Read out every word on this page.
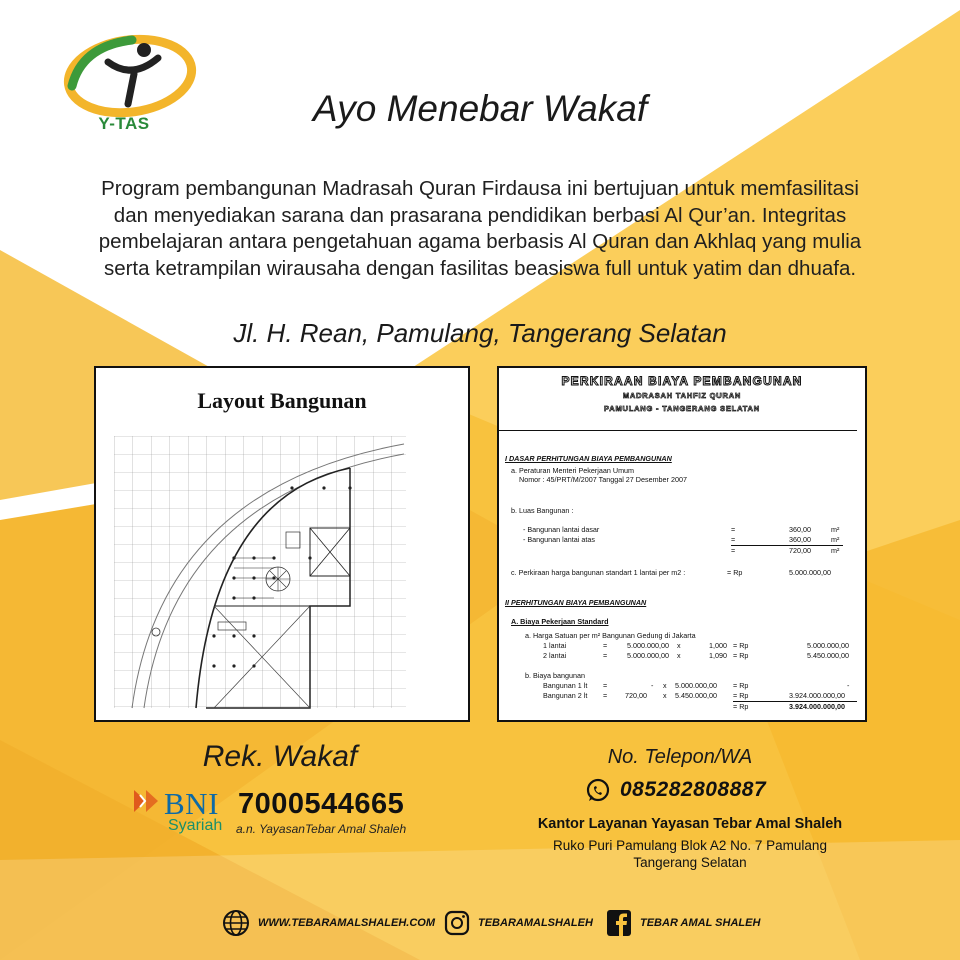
Y-TAS	Ayo Menebar Wakaf

Program pembangunan Madrasah Quran Firdausa ini bertujuan untuk memfasilitasi dan menyediakan sarana dan prasarana pendidikan berbasi Al Qur’an. Integritas pembelajaran antara pengetahuan agama berbasis Al Quran dan Akhlaq yang mulia serta ketrampilan wirausaha dengan fasilitas beasiswa full untuk yatim dan dhuafa.

Jl. H. Rean, Pamulang, Tangerang Selatan
Layout Bangunan
PERKIRAAN BIAYA PEMBANGUNAN
MADRASAH TAHFIZ QURAN
PAMULANG - TANGERANG SELATAN
I DASAR PERHITUNGAN BIAYA PEMBANGUNAN
a. Peraturan Menteri Pekerjaan Umum
Nomor : 45/PRT/M/2007 Tanggal 27 Desember 2007
b. Luas Bangunan :
- Bangunan lantai dasar	=	360,00	m²
- Bangunan lantai atas	=	360,00	m²
=	720,00	m²
c. Perkiraan harga bangunan standart 1 lantai per m2 :	= Rp	5.000.000,00
II PERHITUNGAN BIAYA PEMBANGUNAN
A. Biaya Pekerjaan Standard
a. Harga Satuan per m² Bangunan Gedung di Jakarta
1 lantai	=	5.000.000,00 x	1,000 = Rp	5.000.000,00
2 lantai	=	5.000.000,00 x	1,090 = Rp	5.450.000,00
b. Biaya bangunan
Bangunan 1 lt =	- x 5.000.000,00 = Rp	-
Bangunan 2 lt = 720,00 x 5.450.000,00 = Rp	3.924.000.000,00
= Rp	3.924.000.000,00
Rek. Wakaf
BNI
Syariah
7000544665
a.n. YayasanTebar Amal Shaleh
No. Telepon/WA
085282808887
Kantor Layanan Yayasan Tebar Amal Shaleh
Ruko Puri Pamulang Blok A2 No. 7 Pamulang
Tangerang Selatan
WWW.TEBARAMALSHALEH.COM	TEBARAMALSHALEH	TEBAR AMAL SHALEH
